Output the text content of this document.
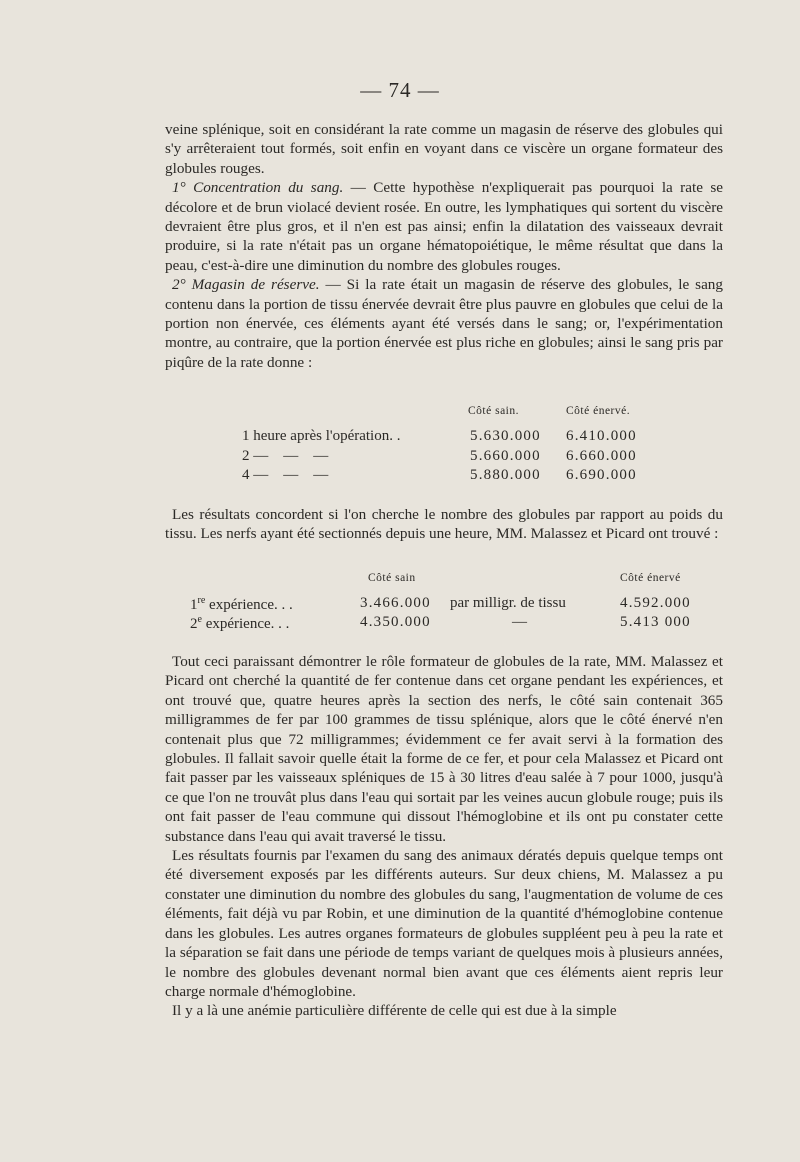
— 74 —

veine splénique, soit en considérant la rate comme un magasin de réserve des globules qui s'y arrêteraient tout formés, soit enfin en voyant dans ce viscère un organe formateur des globules rouges.

1° Concentration du sang. — Cette hypothèse n'expliquerait pas pourquoi la rate se décolore et de brun violacé devient rosée. En outre, les lymphatiques qui sortent du viscère devraient être plus gros, et il n'en est pas ainsi; enfin la dilatation des vaisseaux devrait produire, si la rate n'était pas un organe hématopoiétique, le même résultat que dans la peau, c'est-à-dire une diminution du nombre des globules rouges.

2° Magasin de réserve. — Si la rate était un magasin de réserve des globules, le sang contenu dans la portion de tissu énervée devrait être plus pauvre en globules que celui de la portion non énervée, ces éléments ayant été versés dans le sang; or, l'expérimentation montre, au contraire, que la portion énervée est plus riche en globules; ainsi le sang pris par piqûre de la rate donne :

Côté sain.	Côté énervé.
1 heure après l'opération. .	5.630.000 6.410.000
2 —    —    —	5.660.000 6.660.000
4 —    —    —	5.880.000 6.690.000

Les résultats concordent si l'on cherche le nombre des globules par rapport au poids du tissu. Les nerfs ayant été sectionnés depuis une heure, MM. Malassez et Picard ont trouvé :

Côté sain	Côté énervé
1re expérience. . .	3.466.000 par milligr. de tissu	4.592.000
2e expérience. . .	4.350.000	—	5.413 000

Tout ceci paraissant démontrer le rôle formateur de globules de la rate, MM. Malassez et Picard ont cherché la quantité de fer contenue dans cet organe pendant les expériences, et ont trouvé que, quatre heures après la section des nerfs, le côté sain contenait 365 milligrammes de fer par 100 grammes de tissu splénique, alors que le côté énervé n'en contenait plus que 72 milligrammes; évidemment ce fer avait servi à la formation des globules. Il fallait savoir quelle était la forme de ce fer, et pour cela Malassez et Picard ont fait passer par les vaisseaux spléniques de 15 à 30 litres d'eau salée à 7 pour 1000, jusqu'à ce que l'on ne trouvât plus dans l'eau qui sortait par les veines aucun globule rouge; puis ils ont fait passer de l'eau commune qui dissout l'hémoglobine et ils ont pu constater cette substance dans l'eau qui avait traversé le tissu.

Les résultats fournis par l'examen du sang des animaux dératés depuis quelque temps ont été diversement exposés par les différents auteurs. Sur deux chiens, M. Malassez a pu constater une diminution du nombre des globules du sang, l'augmentation de volume de ces éléments, fait déjà vu par Robin, et une diminution de la quantité d'hémoglobine contenue dans les globules. Les autres organes formateurs de globules suppléent peu à peu la rate et la séparation se fait dans une période de temps variant de quelques mois à plusieurs années, le nombre des globules devenant normal bien avant que ces éléments aient repris leur charge normale d'hémoglobine.

Il y a là une anémie particulière différente de celle qui est due à la simple
